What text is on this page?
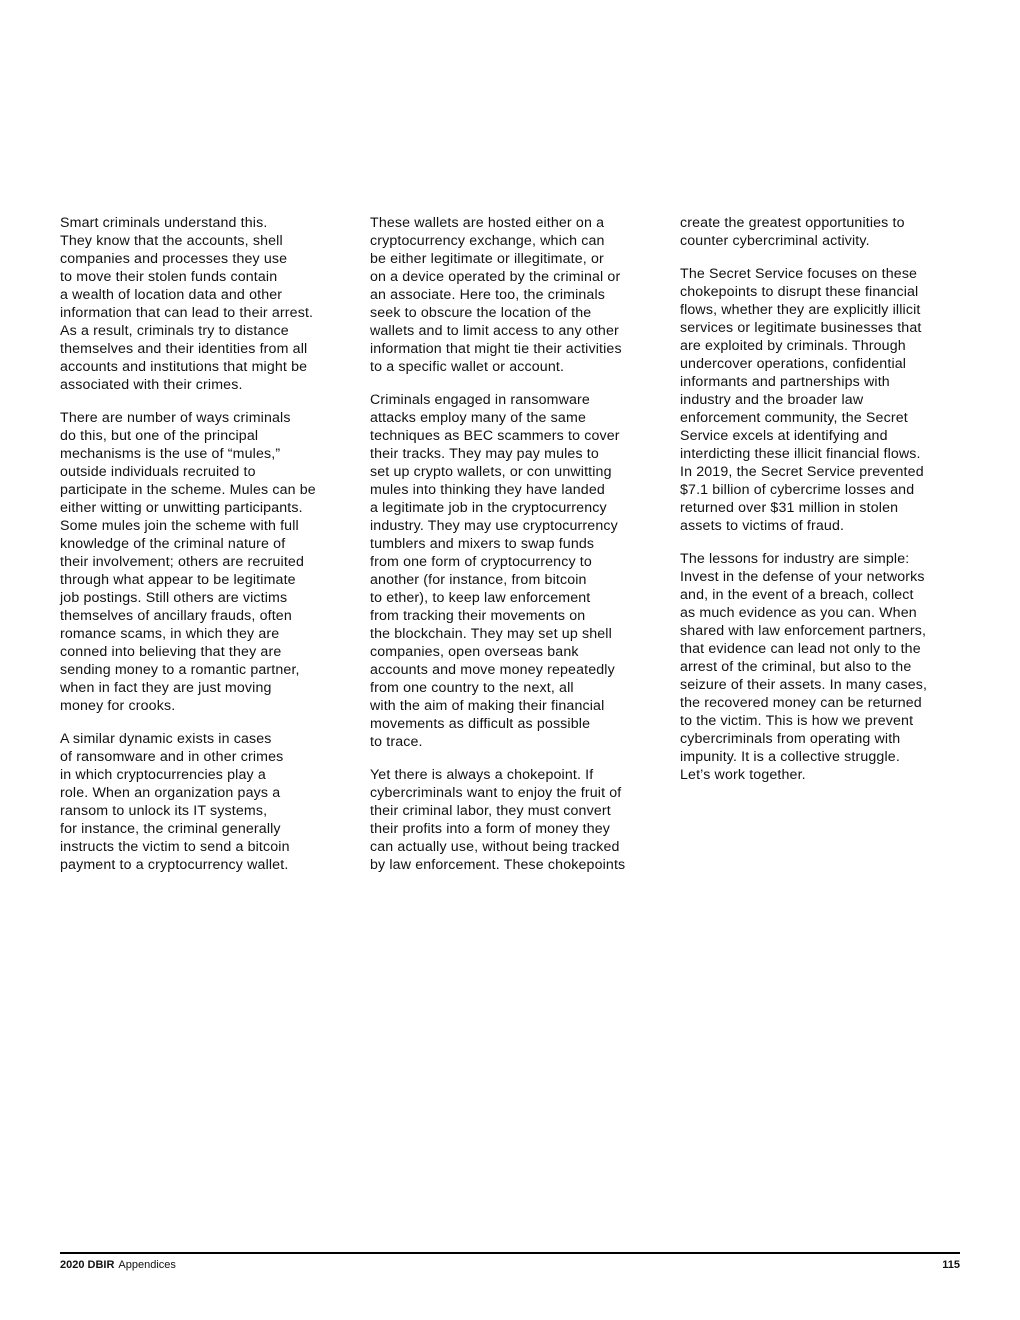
Smart criminals understand this.
They know that the accounts, shell
companies and processes they use
to move their stolen funds contain
a wealth of location data and other
information that can lead to their arrest.
As a result, criminals try to distance
themselves and their identities from all
accounts and institutions that might be
associated with their crimes.

There are number of ways criminals
do this, but one of the principal
mechanisms is the use of “mules,”
outside individuals recruited to
participate in the scheme. Mules can be
either witting or unwitting participants.
Some mules join the scheme with full
knowledge of the criminal nature of
their involvement; others are recruited
through what appear to be legitimate
job postings. Still others are victims
themselves of ancillary frauds, often
romance scams, in which they are
conned into believing that they are
sending money to a romantic partner,
when in fact they are just moving
money for crooks.

A similar dynamic exists in cases
of ransomware and in other crimes
in which cryptocurrencies play a
role. When an organization pays a
ransom to unlock its IT systems,
for instance, the criminal generally
instructs the victim to send a bitcoin
payment to a cryptocurrency wallet.

These wallets are hosted either on a
cryptocurrency exchange, which can
be either legitimate or illegitimate, or
on a device operated by the criminal or
an associate. Here too, the criminals
seek to obscure the location of the
wallets and to limit access to any other
information that might tie their activities
to a specific wallet or account.

Criminals engaged in ransomware
attacks employ many of the same
techniques as BEC scammers to cover
their tracks. They may pay mules to
set up crypto wallets, or con unwitting
mules into thinking they have landed
a legitimate job in the cryptocurrency
industry. They may use cryptocurrency
tumblers and mixers to swap funds
from one form of cryptocurrency to
another (for instance, from bitcoin
to ether), to keep law enforcement
from tracking their movements on
the blockchain. They may set up shell
companies, open overseas bank
accounts and move money repeatedly
from one country to the next, all
with the aim of making their financial
movements as difficult as possible
to trace.

Yet there is always a chokepoint. If
cybercriminals want to enjoy the fruit of
their criminal labor, they must convert
their profits into a form of money they
can actually use, without being tracked
by law enforcement. These chokepoints

create the greatest opportunities to
counter cybercriminal activity.

The Secret Service focuses on these
chokepoints to disrupt these financial
flows, whether they are explicitly illicit
services or legitimate businesses that
are exploited by criminals. Through
undercover operations, confidential
informants and partnerships with
industry and the broader law
enforcement community, the Secret
Service excels at identifying and
interdicting these illicit financial flows.
In 2019, the Secret Service prevented
$7.1 billion of cybercrime losses and
returned over $31 million in stolen
assets to victims of fraud.

The lessons for industry are simple:
Invest in the defense of your networks
and, in the event of a breach, collect
as much evidence as you can. When
shared with law enforcement partners,
that evidence can lead not only to the
arrest of the criminal, but also to the
seizure of their assets. In many cases,
the recovered money can be returned
to the victim. This is how we prevent
cybercriminals from operating with
impunity. It is a collective struggle.
Let’s work together.

2020 DBIR Appendices	115
